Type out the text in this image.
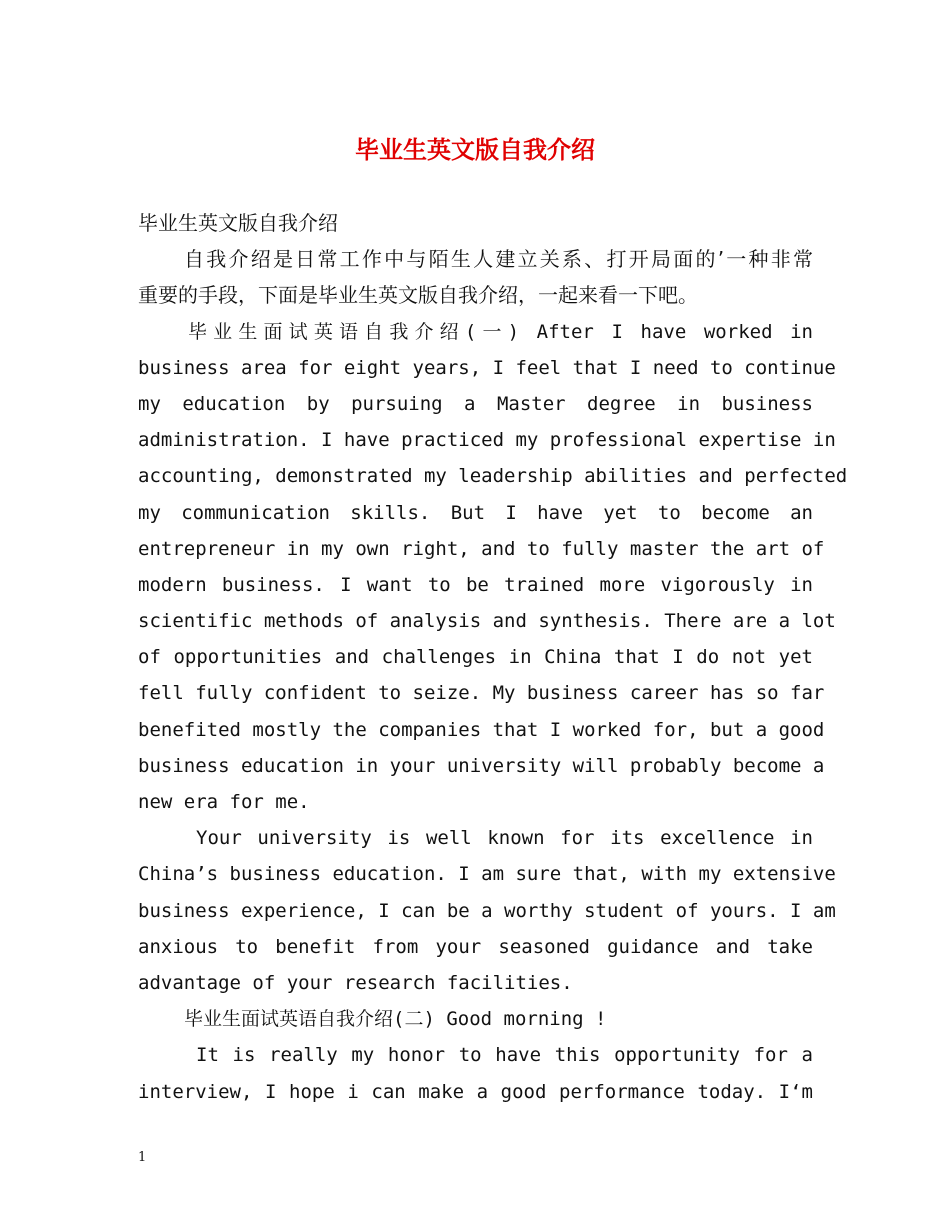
毕业生英文版自我介绍
毕业生英文版自我介绍
自我介绍是日常工作中与陌生人建立关系、打开局面的’一种非常
重要的手段，下面是毕业生英文版自我介绍，一起来看一下吧。
毕业生面试英语自我介绍(一) After I have worked in
business area for eight years, I feel that I need to continue
my education by pursuing a Master degree in business
administration. I have practiced my professional expertise in
accounting, demonstrated my leadership abilities and perfected
my communication skills. But I have yet to become an
entrepreneur in my own right, and to fully master the art of
modern business. I want to be trained more vigorously in
scientific methods of analysis and synthesis. There are a lot
of opportunities and challenges in China that I do not yet
fell fully confident to seize. My business career has so far
benefited mostly the companies that I worked for, but a good
business education in your university will probably become a
new era for me.
Your university is well known for its excellence in
China’s business education. I am sure that, with my extensive
business experience, I can be a worthy student of yours. I am
anxious to benefit from your seasoned guidance and take
advantage of your research facilities.
毕业生面试英语自我介绍(二) Good morning !
It is really my honor to have this opportunity for a
interview, I hope i can make a good performance today. I‘m
1
